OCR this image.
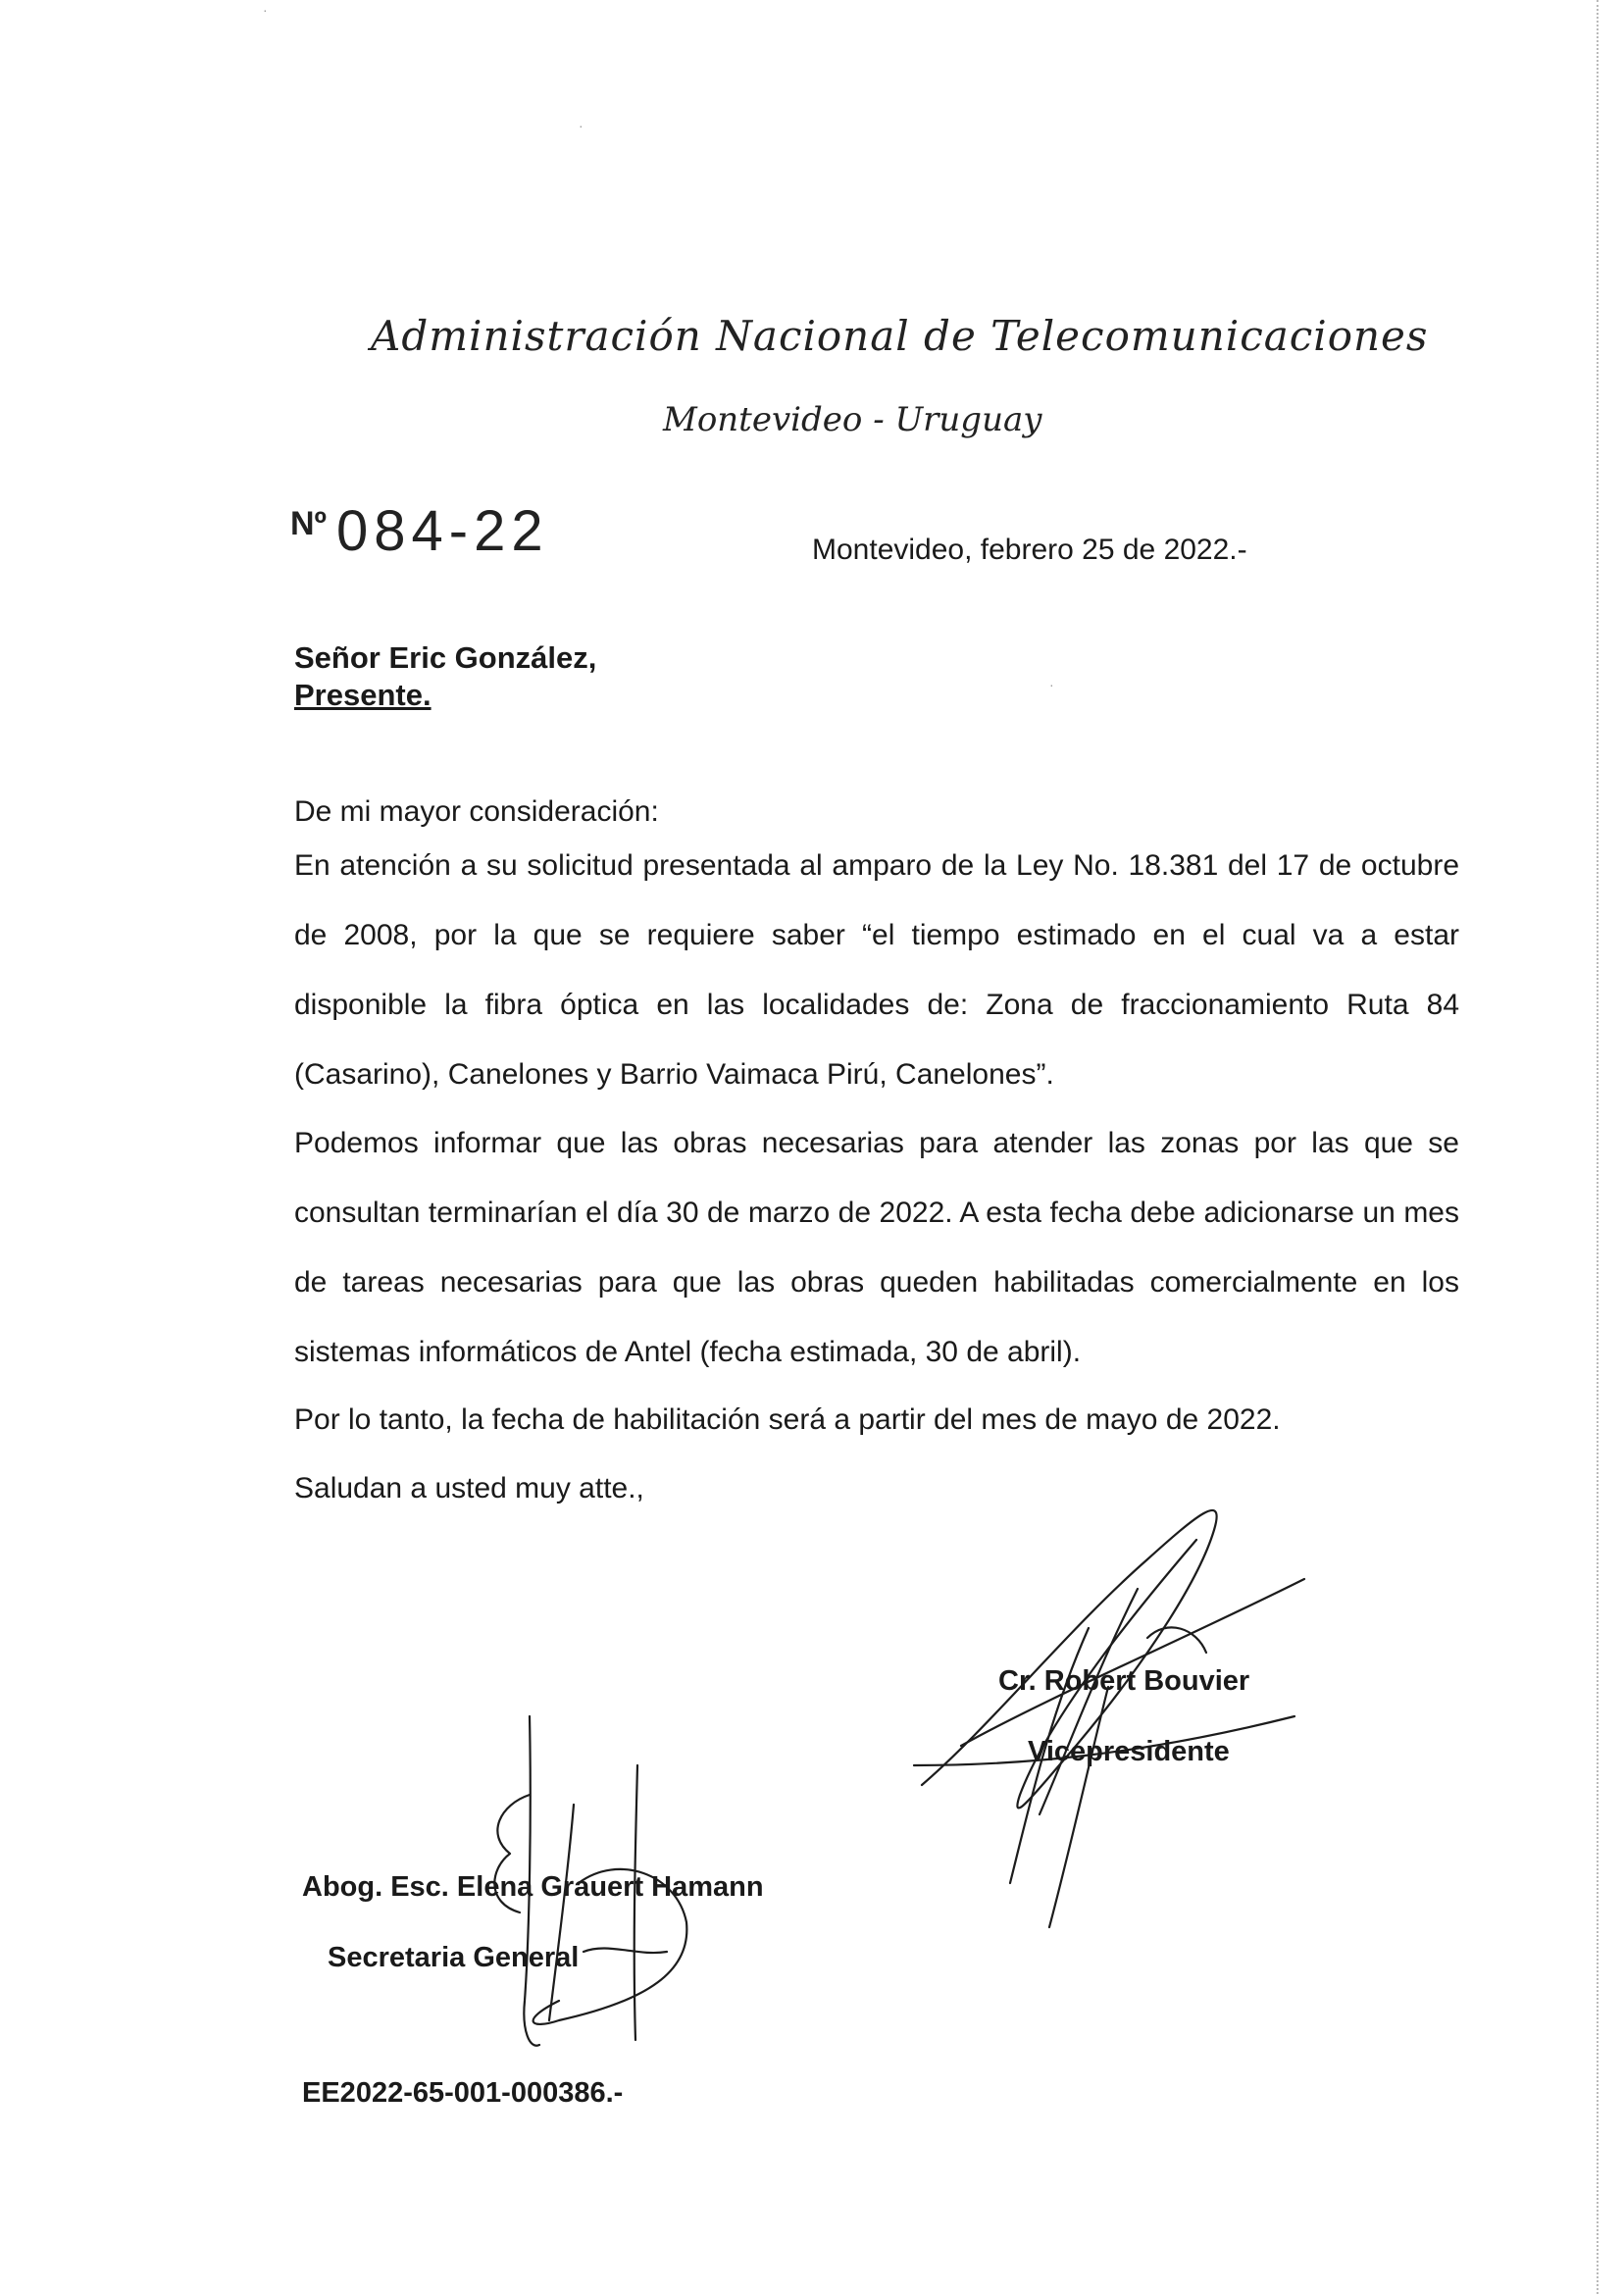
·
·
·
Administración Nacional de Telecomunicaciones
Montevideo - Uruguay
$^{Nº}$ 084-22	Montevideo, febrero 25 de 2022.-
Señor Eric González,
Presente.

De mi mayor consideración:

En atención a su solicitud presentada al amparo de la Ley No. 18.381 del 17 de octubre de 2008, por la que se requiere saber “el tiempo estimado en el cual va a estar disponible la fibra óptica en las localidades de: Zona de fraccionamiento Ruta 84 (Casarino), Canelones y Barrio Vaimaca Pirú, Canelones”.

Podemos informar que las obras necesarias para atender las zonas por las que se consultan terminarían el día 30 de marzo de 2022. A esta fecha debe adicionarse un mes de tareas necesarias para que las obras queden habilitadas comercialmente en los sistemas informáticos de Antel (fecha estimada, 30 de abril).

Por lo tanto, la fecha de habilitación será a partir del mes de mayo de 2022.

Saludan a usted muy atte.,

Cr. Robert Bouvier
Vicepresidente
Abog. Esc. Elena Grauert Hamann
Secretaria General
EE2022-65-001-000386.-
